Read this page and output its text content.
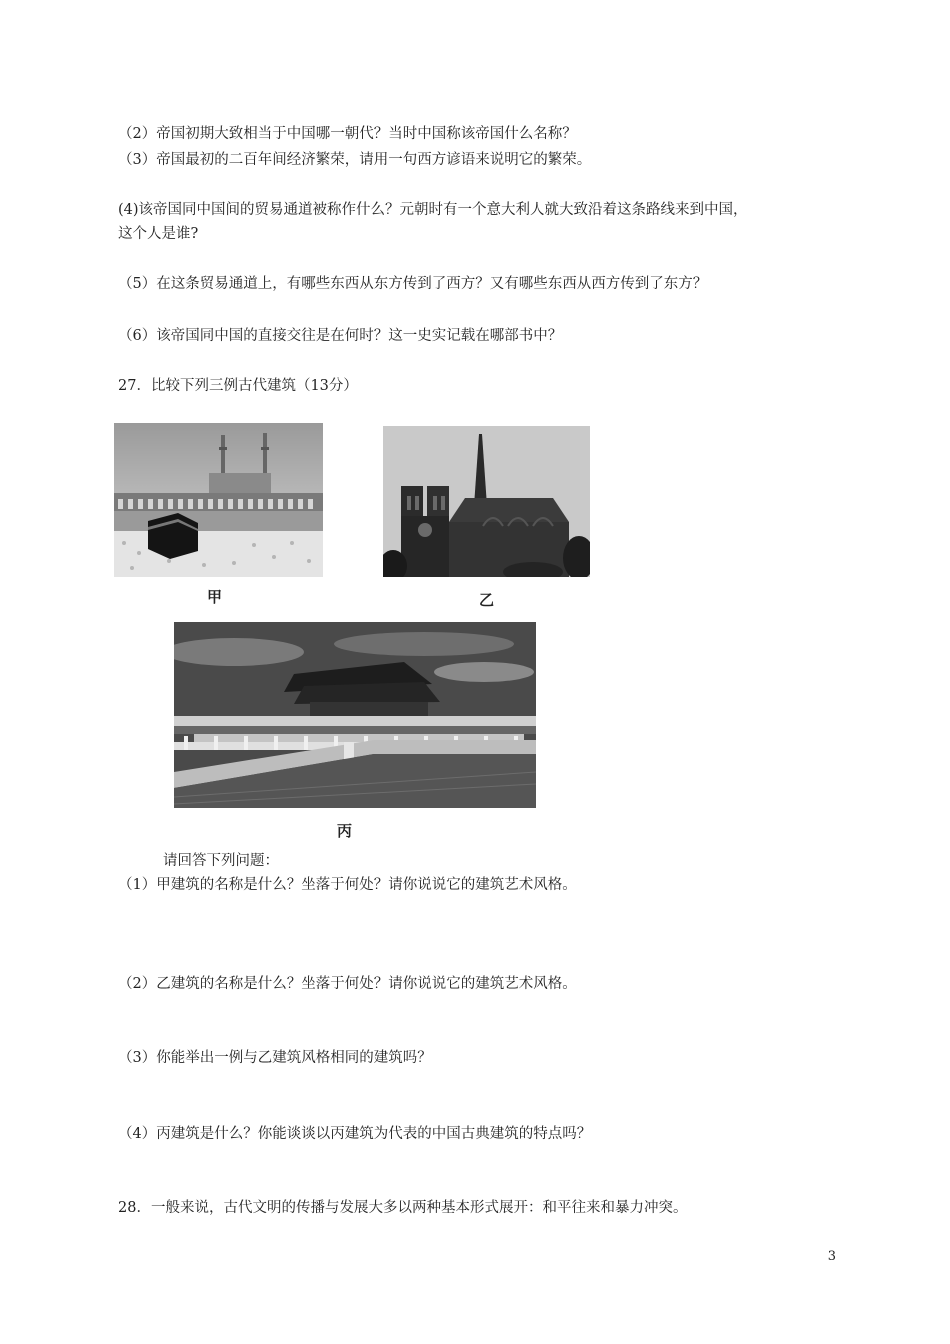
（2）帝国初期大致相当于中国哪一朝代？当时中国称该帝国什么名称？
（3）帝国最初的二百年间经济繁荣，请用一句西方谚语来说明它的繁荣。
(4)该帝国同中国间的贸易通道被称作什么？元朝时有一个意大利人就大致沿着这条路线来到中国，
这个人是谁?
（5）在这条贸易通道上，有哪些东西从东方传到了西方？又有哪些东西从西方传到了东方？
（6）该帝国同中国的直接交往是在何时？这一史实记载在哪部书中？
27．比较下列三例古代建筑（13分）
甲	乙
丙
请回答下列问题：
（1）甲建筑的名称是什么？坐落于何处？请你说说它的建筑艺术风格。
（2）乙建筑的名称是什么？坐落于何处？请你说说它的建筑艺术风格。
（3）你能举出一例与乙建筑风格相同的建筑吗？
（4）丙建筑是什么？你能谈谈以丙建筑为代表的中国古典建筑的特点吗？
28．一般来说，古代文明的传播与发展大多以两种基本形式展开：和平往来和暴力冲突。
3
